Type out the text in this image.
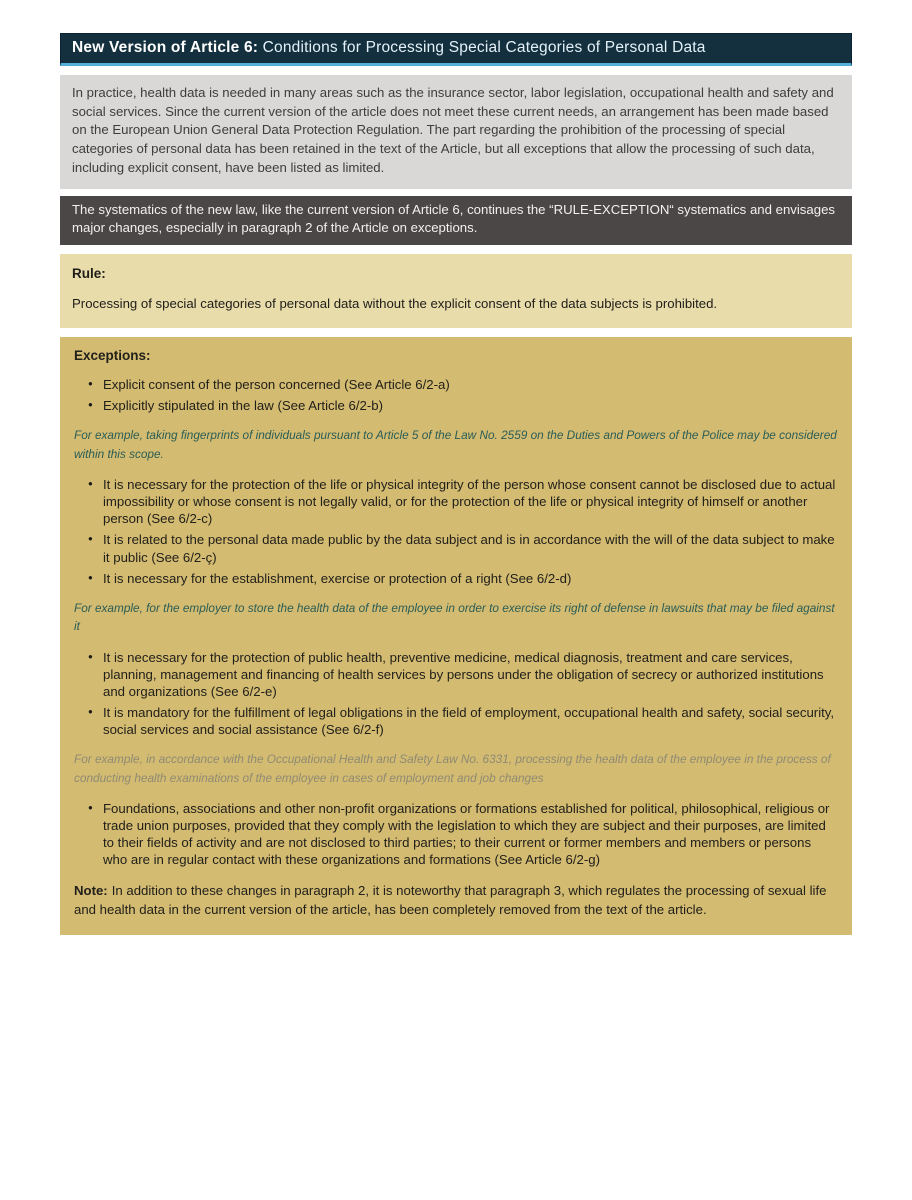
New Version of Article 6: Conditions for Processing Special Categories of Personal Data
In practice, health data is needed in many areas such as the insurance sector, labor legislation, occupational health and safety and social services. Since the current version of the article does not meet these current needs, an arrangement has been made based on the European Union General Data Protection Regulation. The part regarding the prohibition of the processing of special categories of personal data has been retained in the text of the Article, but all exceptions that allow the processing of such data, including explicit consent, have been listed as limited.
The systematics of the new law, like the current version of Article 6, continues the “RULE-EXCEPTION“ systematics and envisages major changes, especially in paragraph 2 of the Article on exceptions.
Rule:
Processing of special categories of personal data without the explicit consent of the data subjects is prohibited.
Exceptions:
● Explicit consent of the person concerned (See Article 6/2-a)
● Explicitly stipulated in the law (See Article 6/2-b)
For example, taking fingerprints of individuals pursuant to Article 5 of the Law No. 2559 on the Duties and Powers of the Police may be considered within this scope.
● It is necessary for the protection of the life or physical integrity of the person whose consent cannot be disclosed due to actual impossibility or whose consent is not legally valid, or for the protection of the life or physical integrity of himself or another person (See 6/2-c)
● It is related to the personal data made public by the data subject and is in accordance with the will of the data subject to make it public (See 6/2-ç)
● It is necessary for the establishment, exercise or protection of a right (See 6/2-d)
For example, for the employer to store the health data of the employee in order to exercise its right of defense in lawsuits that may be filed against it
● It is necessary for the protection of public health, preventive medicine, medical diagnosis, treatment and care services, planning, management and financing of health services by persons under the obligation of secrecy or authorized institutions and organizations (See 6/2-e)
● It is mandatory for the fulfillment of legal obligations in the field of employment, occupational health and safety, social security, social services and social assistance (See 6/2-f)
For example, in accordance with the Occupational Health and Safety Law No. 6331, processing the health data of the employee in the process of conducting health examinations of the employee in cases of employment and job changes
● Foundations, associations and other non-profit organizations or formations established for political, philosophical, religious or trade union purposes, provided that they comply with the legislation to which they are subject and their purposes, are limited to their fields of activity and are not disclosed to third parties; to their current or former members and members or persons who are in regular contact with these organizations and formations (See Article 6/2-g)
Note: In addition to these changes in paragraph 2, it is noteworthy that paragraph 3, which regulates the processing of sexual life and health data in the current version of the article, has been completely removed from the text of the article.
